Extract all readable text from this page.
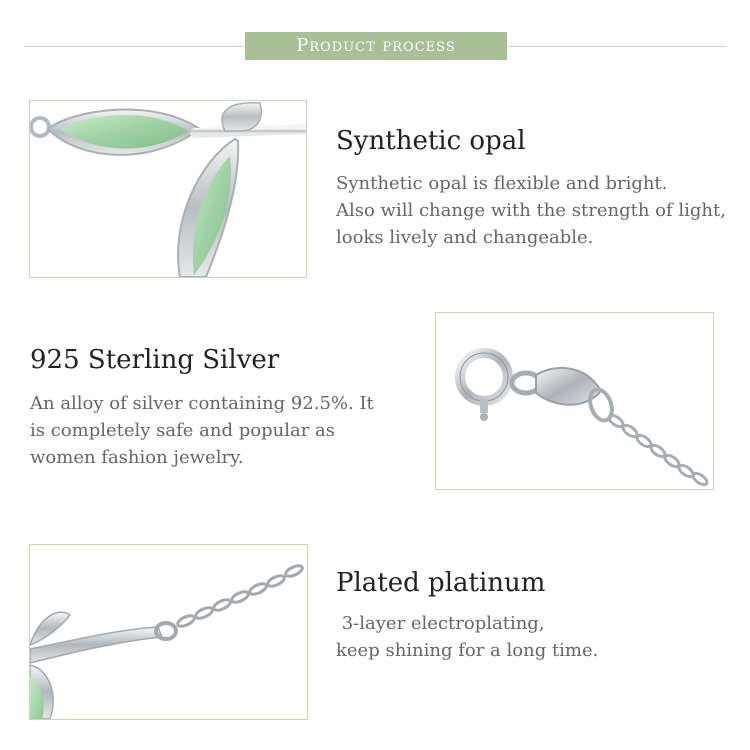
Product process
Synthetic opal
Synthetic opal is flexible and bright.
Also will change with the strength of light,
looks lively and changeable.
925 Sterling Silver
An alloy of silver containing 92.5%. It
is completely safe and popular as
women fashion jewelry.
Plated platinum
3-layer electroplating,
keep shining for a long time.
